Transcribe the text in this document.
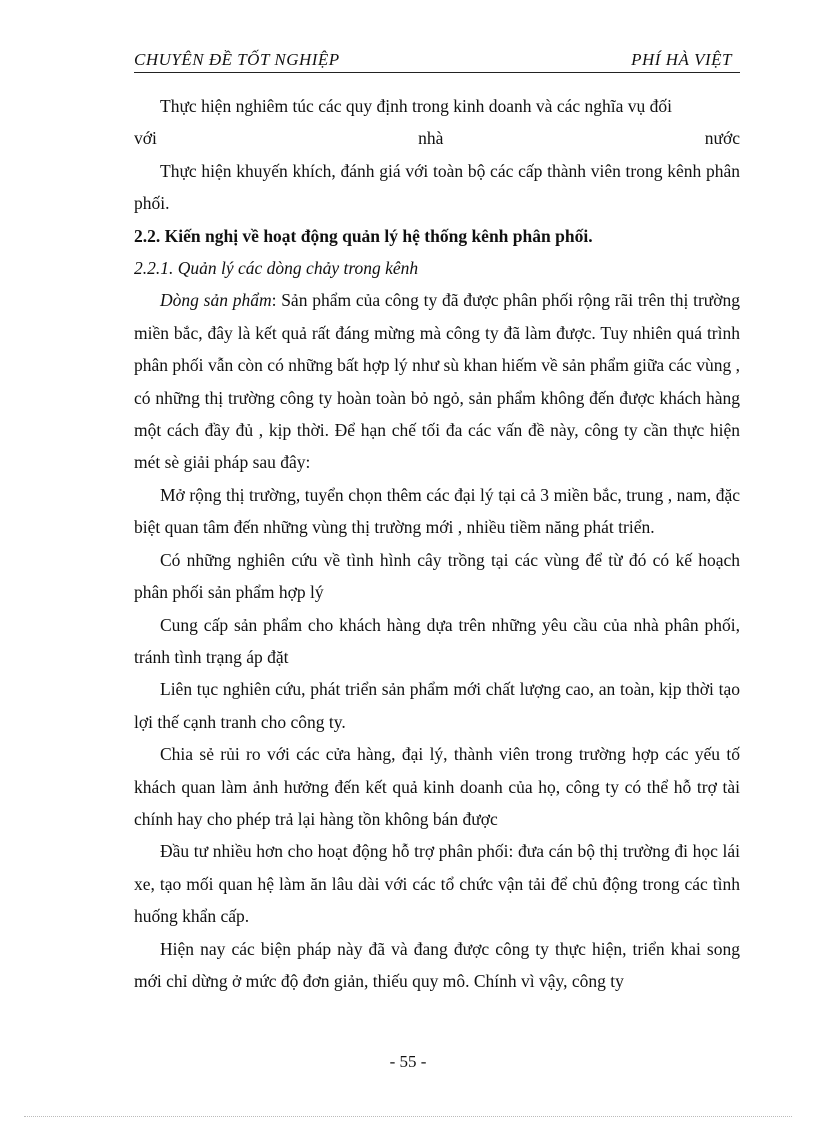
CHUYÊN ĐỀ TỐT NGHIỆP	PHÍ HÀ VIỆT

Thực hiện nghiêm túc các quy định trong kinh doanh và các nghĩa vụ đối

với	nhà	nước

Thực hiện khuyến khích, đánh giá với toàn bộ các cấp thành viên trong kênh phân phối.

2.2. Kiến nghị về hoạt động quản lý hệ thống kênh phân phối.

2.2.1. Quản lý các dòng chảy trong kênh

Dòng sản phẩm: Sản phẩm của công ty đã được phân phối rộng rãi trên thị trường miền bắc, đây là kết quả rất đáng mừng mà công ty đã làm được. Tuy nhiên quá trình phân phối vẫn còn có những bất hợp lý như sù khan hiếm về sản phẩm giữa các vùng , có những thị trường công ty hoàn toàn bỏ ngỏ, sản phẩm không đến được khách hàng một cách đầy đủ , kịp thời. Để hạn chế tối đa các vấn đề này, công ty cần thực hiện mét sè giải pháp sau đây:

Mở rộng thị trường, tuyển chọn thêm các đại lý tại cả 3 miền bắc, trung , nam, đặc biệt quan tâm đến những vùng thị trường mới , nhiều tiềm năng phát triển.

Có những nghiên cứu về tình hình cây trồng tại các vùng để từ đó có kế hoạch phân phối sản phẩm hợp lý

Cung cấp sản phẩm cho khách hàng dựa trên những yêu cầu của nhà phân phối, tránh tình trạng áp đặt

Liên tục nghiên cứu, phát triển sản phẩm mới chất lượng cao, an toàn, kịp thời tạo lợi thế cạnh tranh cho công ty.

Chia sẻ rủi ro với các cửa hàng, đại lý, thành viên trong trường hợp các yếu tố khách quan làm ảnh hưởng đến kết quả kinh doanh của họ, công ty có thể hỗ trợ tài chính hay cho phép trả lại hàng tồn không bán được

Đầu tư nhiều hơn cho hoạt động hỗ trợ phân phối: đưa cán bộ thị trường đi học lái xe, tạo mối quan hệ làm ăn lâu dài với các tổ chức vận tải để chủ động trong các tình huống khẩn cấp.

Hiện nay các biện pháp này đã và đang được công ty thực hiện, triển khai song mới chỉ dừng ở mức độ đơn giản, thiếu quy mô. Chính vì vậy, công ty

- 55 -
